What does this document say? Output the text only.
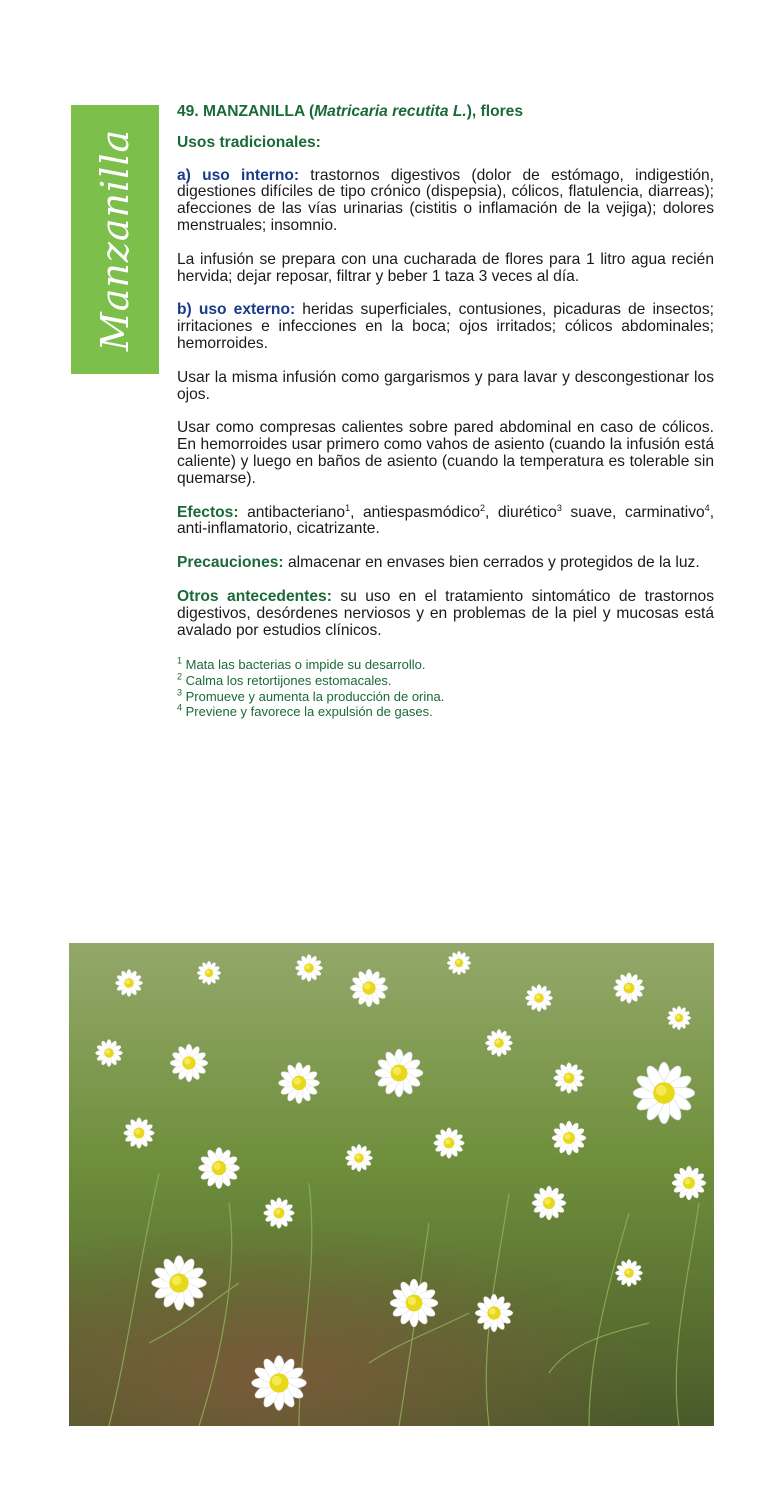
Manzanilla
49. MANZANILLA (Matricaria recutita L.), flores
Usos tradicionales:

a) uso interno: trastornos digestivos (dolor de estómago, indigestión, digestiones difíciles de tipo crónico (dispepsia), cólicos, flatulencia, diarreas); afecciones de las vías urinarias (cistitis o inflamación de la vejiga); dolores menstruales; insomnio.

La infusión se prepara con una cucharada de flores para 1 litro agua recién hervida; dejar reposar, filtrar y beber 1 taza 3 veces al día.

b) uso externo: heridas superficiales, contusiones, picaduras de insectos; irritaciones e infecciones en la boca; ojos irritados; cólicos abdominales; hemorroides.

Usar la misma infusión como gargarismos y para lavar y descongestionar los ojos.

Usar como compresas calientes sobre pared abdominal en caso de cólicos. En hemorroides usar primero como vahos de asiento (cuando la infusión está caliente) y luego en baños de asiento (cuando la temperatura es tolerable sin quemarse).

Efectos: antibacteriano$^1$, antiespasmódico$^2$, diurético$^3$ suave, carminativo$^4$, anti-inflamatorio, cicatrizante.

Precauciones: almacenar en envases bien cerrados y protegidos de la luz.

Otros antecedentes: su uso en el tratamiento sintomático de trastornos digestivos, desórdenes nerviosos y en problemas de la piel y mucosas está avalado por estudios clínicos.

$^1$ Mata las bacterias o impide su desarrollo.
$^2$ Calma los retortijones estomacales.
$^3$ Promueve y aumenta la producción de orina.
$^4$ Previene y favorece la expulsión de gases.
